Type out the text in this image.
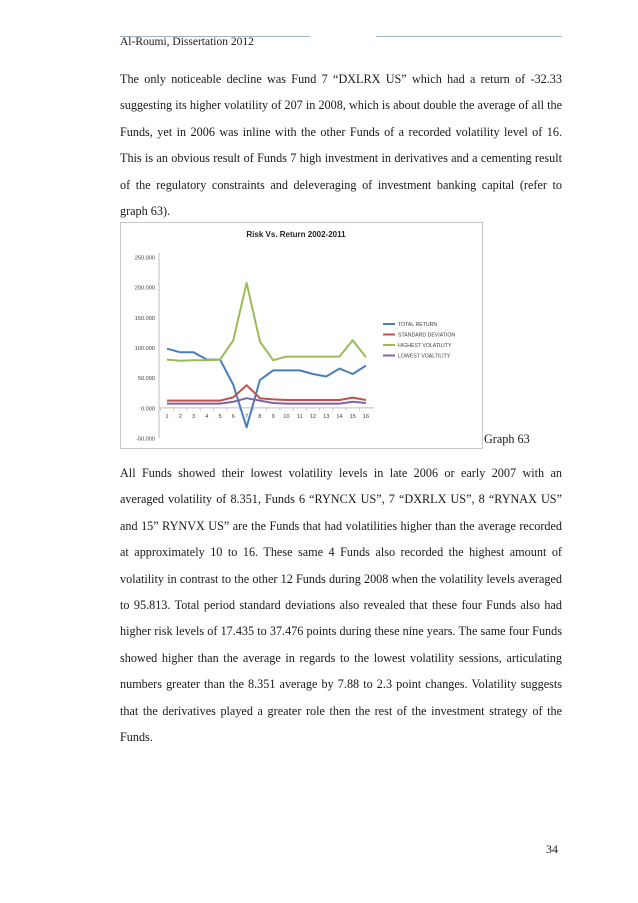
Al-Roumi, Dissertation 2012

The only noticeable decline was Fund 7 “DXLRX US” which had a return of -32.33 suggesting its higher volatility of 207 in 2008, which is about double the average of all the Funds, yet in 2006 was inline with the other Funds of a recorded volatility level of 16. This is an obvious result of Funds 7 high investment in derivatives and a cementing result of the regulatory constraints and deleveraging of investment banking capital (refer to graph 63).

Risk Vs. Return 2002-2011
-50.000
0.000
50.000
100.000
150.000
200.000
250.000
1 2 3 4 5 6 7 8 9 10 11 12 13 14 15 16
TOTAL RETURN
STANDARD DEVIATION
HIGHEST VOLATILITY
LOWEST VOALTILITY
Graph 63

All Funds showed their lowest volatility levels in late 2006 or early 2007 with an averaged volatility of 8.351, Funds 6 “RYNCX US”, 7 “DXRLX US”, 8 “RYNAX US” and 15” RYNVX US” are the Funds that had volatilities higher than the average recorded at approximately 10 to 16. These same 4 Funds also recorded the highest amount of volatility in contrast to the other 12 Funds during 2008 when the volatility levels averaged to 95.813. Total period standard deviations also revealed that these four Funds also had higher risk levels of 17.435 to 37.476 points during these nine years. The same four Funds showed higher than the average in regards to the lowest volatility sessions, articulating numbers greater than the 8.351 average by 7.88 to 2.3 point changes. Volatility suggests that the derivatives played a greater role then the rest of the investment strategy of the Funds.

34
